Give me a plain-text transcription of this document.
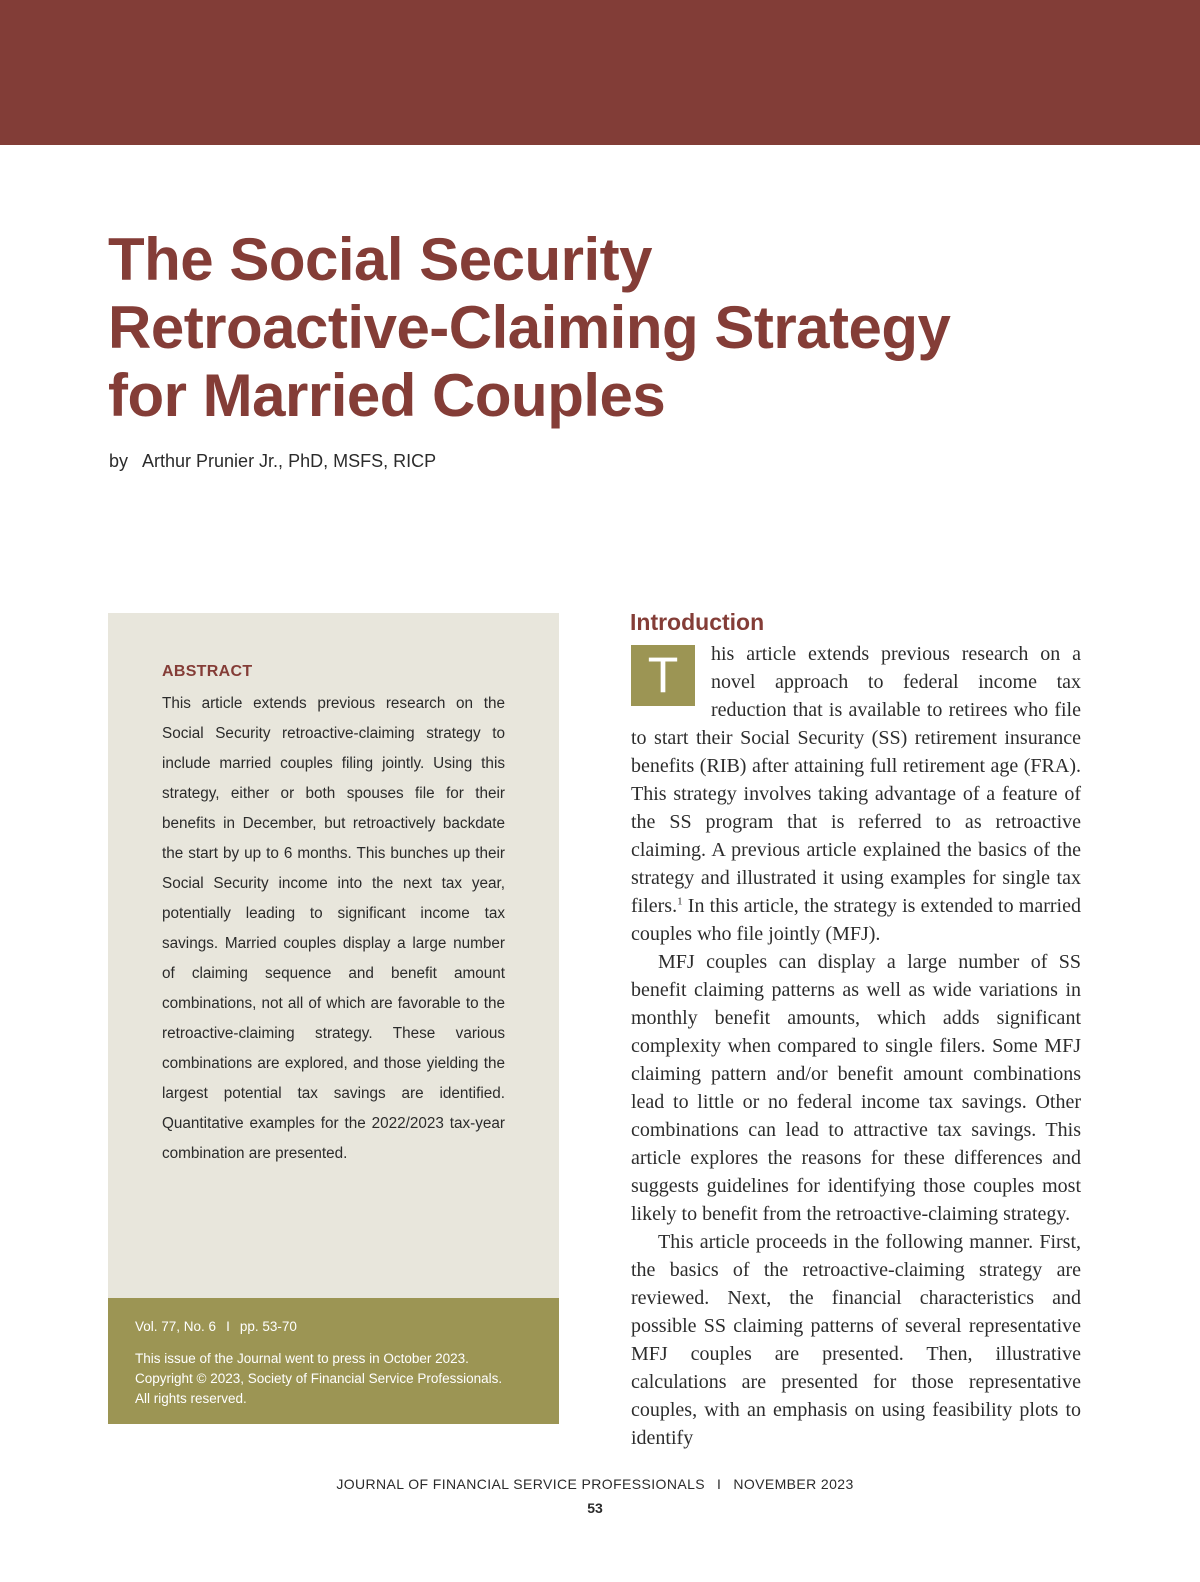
The Social Security
Retroactive-Claiming Strategy
for Married Couples
by Arthur Prunier Jr., PhD, MSFS, RICP
ABSTRACT

This article extends previous research on the Social Security retroactive-claiming strategy to include married couples filing jointly. Using this strategy, either or both spouses file for their benefits in December, but retroactively backdate the start by up to 6 months. This bunches up their Social Security income into the next tax year, potentially leading to significant income tax savings. Married couples display a large number of claiming sequence and benefit amount combinations, not all of which are favorable to the retroactive-claiming strategy. These various combinations are explored, and those yielding the largest potential tax savings are identified. Quantitative examples for the 2022/2023 tax-year combination are presented.

Vol. 77, No. 6 I pp. 53-70

This issue of the Journal went to press in October 2023.
Copyright © 2023, Society of Financial Service Professionals.
All rights reserved.

Introduction

T	his article extends previous research on a novel approach to federal income tax reduction that is available to retirees who file to start their Social Security (SS) retirement insurance benefits (RIB) after attaining full retirement age (FRA). This strategy involves taking advantage of a feature of the SS program that is referred to as retroactive claiming. A previous article explained the basics of the strategy and illustrated it using examples for single tax filers.$^1$ In this article, the strategy is extended to married couples who file jointly (MFJ).

MFJ couples can display a large number of SS benefit claiming patterns as well as wide variations in monthly benefit amounts, which adds significant complexity when compared to single filers. Some MFJ claiming pattern and/or benefit amount combinations lead to little or no federal income tax savings. Other combinations can lead to attractive tax savings. This article explores the reasons for these differences and suggests guidelines for identifying those couples most likely to benefit from the retroactive-claiming strategy.

This article proceeds in the following manner. First, the basics of the retroactive-claiming strategy are reviewed. Next, the financial characteristics and possible SS claiming patterns of several representative MFJ couples are presented. Then, illustrative calculations are presented for those representative couples, with an emphasis on using feasibility plots to identify

JOURNAL OF FINANCIAL SERVICE PROFESSIONALS I NOVEMBER 2023
53
